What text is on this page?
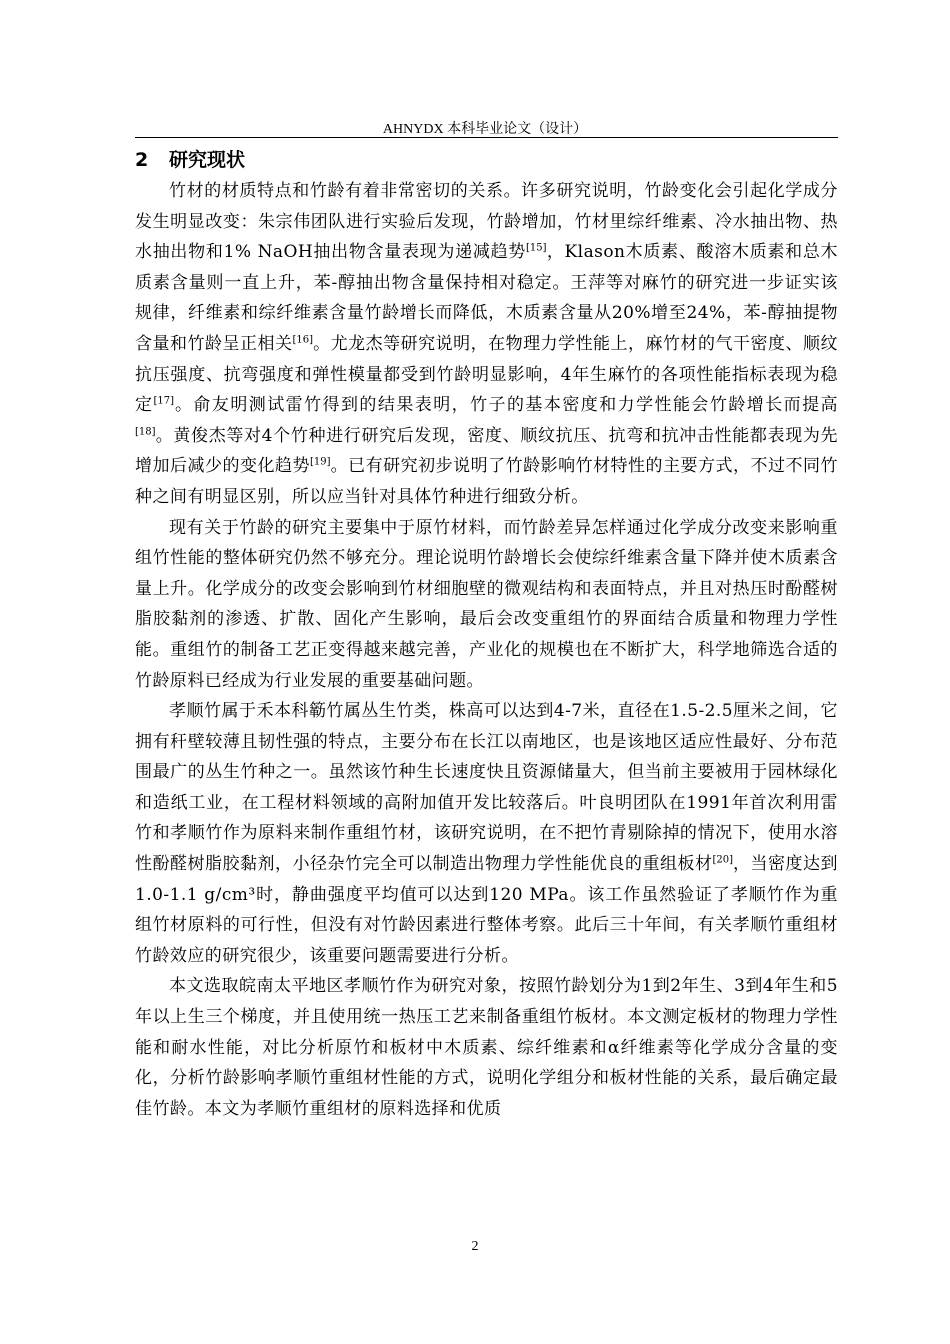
AHNYDX 本科毕业论文（设计）
2 研究现状

竹材的材质特点和竹龄有着非常密切的关系。许多研究说明，竹龄变化会引起化学成分发生明显改变：朱宗伟团队进行实验后发现，竹龄增加，竹材里综纤维素、冷水抽出物、热水抽出物和1% NaOH抽出物含量表现为递减趋势[15]，Klason木质素、酸溶木质素和总木质素含量则一直上升，苯-醇抽出物含量保持相对稳定。王萍等对麻竹的研究进一步证实该规律，纤维素和综纤维素含量竹龄增长而降低，木质素含量从20%增至24%，苯-醇抽提物含量和竹龄呈正相关[16]。尤龙杰等研究说明，在物理力学性能上，麻竹材的气干密度、顺纹抗压强度、抗弯强度和弹性模量都受到竹龄明显影响，4年生麻竹的各项性能指标表现为稳定[17]。俞友明测试雷竹得到的结果表明，竹子的基本密度和力学性能会竹龄增长而提高[18]。黄俊杰等对4个竹种进行研究后发现，密度、顺纹抗压、抗弯和抗冲击性能都表现为先增加后减少的变化趋势[19]。已有研究初步说明了竹龄影响竹材特性的主要方式，不过不同竹种之间有明显区别，所以应当针对具体竹种进行细致分析。

现有关于竹龄的研究主要集中于原竹材料，而竹龄差异怎样通过化学成分改变来影响重组竹性能的整体研究仍然不够充分。理论说明竹龄增长会使综纤维素含量下降并使木质素含量上升。化学成分的改变会影响到竹材细胞壁的微观结构和表面特点，并且对热压时酚醛树脂胶黏剂的渗透、扩散、固化产生影响，最后会改变重组竹的界面结合质量和物理力学性能。重组竹的制备工艺正变得越来越完善，产业化的规模也在不断扩大，科学地筛选合适的竹龄原料已经成为行业发展的重要基础问题。

孝顺竹属于禾本科簕竹属丛生竹类，株高可以达到4-7米，直径在1.5-2.5厘米之间，它拥有秆壁较薄且韧性强的特点，主要分布在长江以南地区，也是该地区适应性最好、分布范围最广的丛生竹种之一。虽然该竹种生长速度快且资源储量大，但当前主要被用于园林绿化和造纸工业，在工程材料领域的高附加值开发比较落后。叶良明团队在1991年首次利用雷竹和孝顺竹作为原料来制作重组竹材，该研究说明，在不把竹青剔除掉的情况下，使用水溶性酚醛树脂胶黏剂，小径杂竹完全可以制造出物理力学性能优良的重组板材[20]，当密度达到1.0-1.1 g/cm³时，静曲强度平均值可以达到120 MPa。该工作虽然验证了孝顺竹作为重组竹材原料的可行性，但没有对竹龄因素进行整体考察。此后三十年间，有关孝顺竹重组材竹龄效应的研究很少，该重要问题需要进行分析。

本文选取皖南太平地区孝顺竹作为研究对象，按照竹龄划分为1到2年生、3到4年生和5年以上生三个梯度，并且使用统一热压工艺来制备重组竹板材。本文测定板材的物理力学性能和耐水性能，对比分析原竹和板材中木质素、综纤维素和α纤维素等化学成分含量的变化，分析竹龄影响孝顺竹重组材性能的方式，说明化学组分和板材性能的关系，最后确定最佳竹龄。本文为孝顺竹重组材的原料选择和优质

2
